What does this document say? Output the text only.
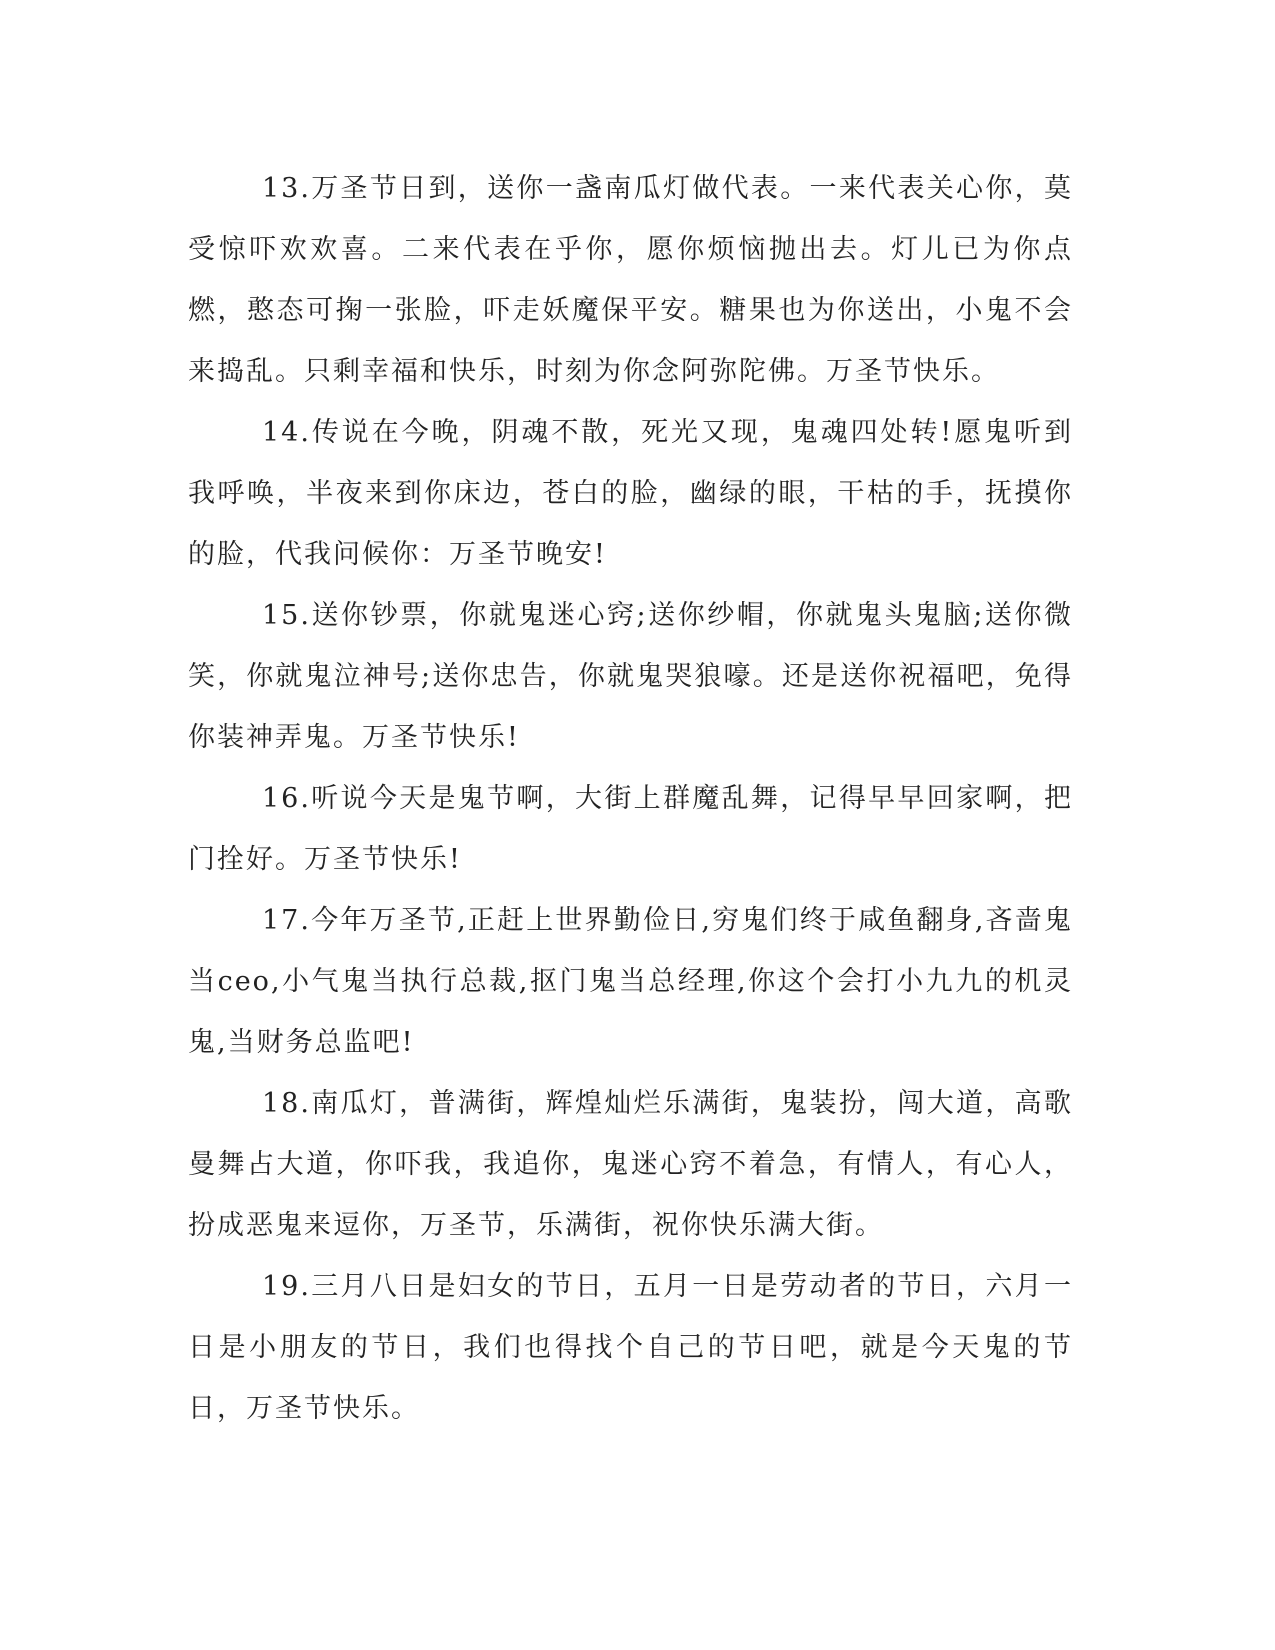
13.万圣节日到，送你一盏南瓜灯做代表。一来代表关心你，莫受惊吓欢欢喜。二来代表在乎你，愿你烦恼抛出去。灯儿已为你点燃，憨态可掬一张脸，吓走妖魔保平安。糖果也为你送出，小鬼不会来捣乱。只剩幸福和快乐，时刻为你念阿弥陀佛。万圣节快乐。

14.传说在今晚，阴魂不散，死光又现，鬼魂四处转!愿鬼听到我呼唤，半夜来到你床边，苍白的脸，幽绿的眼，干枯的手，抚摸你的脸，代我问候你：万圣节晚安!

15.送你钞票，你就鬼迷心窍;送你纱帽，你就鬼头鬼脑;送你微笑，你就鬼泣神号;送你忠告，你就鬼哭狼嚎。还是送你祝福吧，免得你装神弄鬼。万圣节快乐!

16.听说今天是鬼节啊，大街上群魔乱舞，记得早早回家啊，把门拴好。万圣节快乐!

17.今年万圣节,正赶上世界勤俭日,穷鬼们终于咸鱼翻身,吝啬鬼当ceo,小气鬼当执行总裁,抠门鬼当总经理,你这个会打小九九的机灵鬼,当财务总监吧!

18.南瓜灯，普满街，辉煌灿烂乐满街，鬼装扮，闯大道，高歌曼舞占大道，你吓我，我追你，鬼迷心窍不着急，有情人，有心人，扮成恶鬼来逗你，万圣节，乐满街，祝你快乐满大街。

19.三月八日是妇女的节日，五月一日是劳动者的节日，六月一日是小朋友的节日，我们也得找个自己的节日吧，就是今天鬼的节日，万圣节快乐。
